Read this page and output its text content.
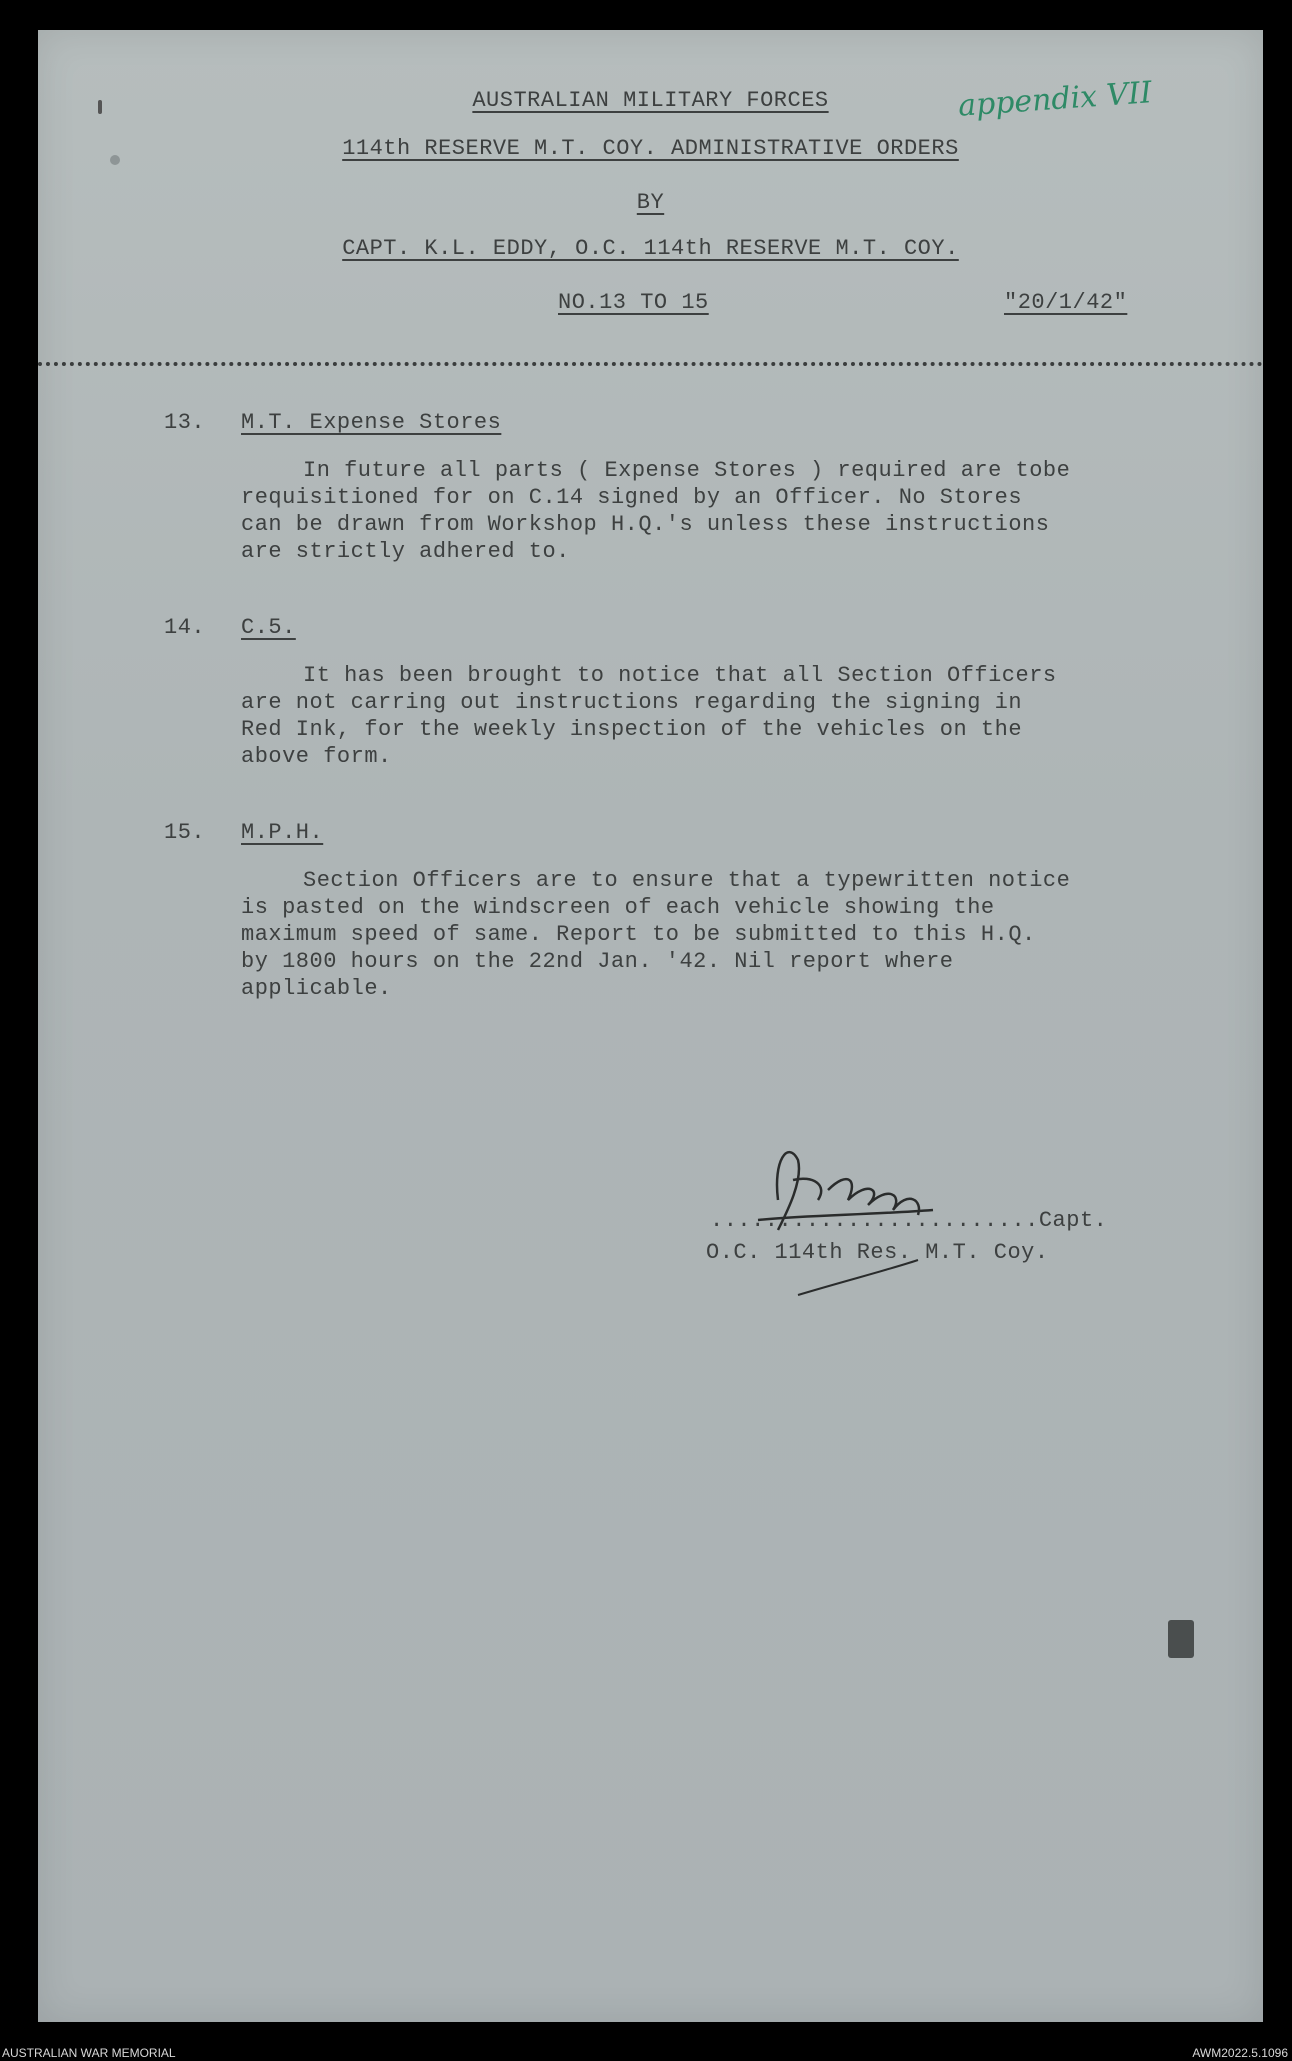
AUSTRALIAN MILITARY FORCES	appendix VII
114th RESERVE M.T. COY. ADMINISTRATIVE ORDERS
BY
CAPT. K.L. EDDY, O.C. 114th RESERVE M.T. COY.
NO.13 TO 15	"20/1/42"
13. M.T. Expense Stores
In future all parts ( Expense Stores ) required are tobe
requisitioned for on C.14 signed by an Officer. No Stores
can be drawn from Workshop H.Q.'s unless these instructions
are strictly adhered to.
14. C.5.
It has been brought to notice that all Section Officers
are not carring out instructions regarding the signing in
Red Ink, for the weekly inspection of the vehicles on the
above form.
15. M.P.H.
Section Officers are to ensure that a typewritten notice
is pasted on the windscreen of each vehicle showing the
maximum speed of same. Report to be submitted to this H.Q.
by 1800 hours on the 22nd Jan. '42. Nil report where
applicable.
........................Capt.
O.C. 114th Res. M.T. Coy.
AUSTRALIAN WAR MEMORIAL	AWM2022.5.1096
